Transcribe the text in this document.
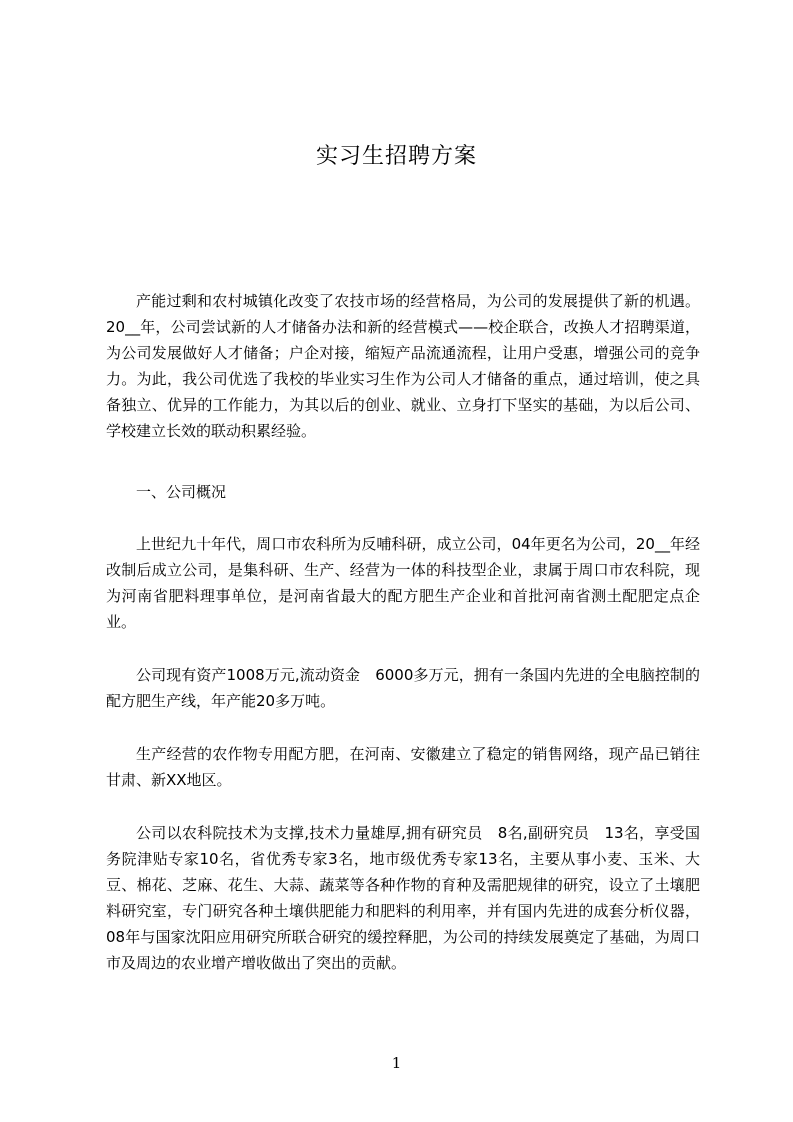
实习生招聘方案

产能过剩和农村城镇化改变了农技市场的经营格局，为公司的发展提供了新的机遇。20__年，公司尝试新的人才储备办法和新的经营模式——校企联合，改换人才招聘渠道，为公司发展做好人才储备；户企对接，缩短产品流通流程，让用户受惠，增强公司的竞争力。为此，我公司优选了我校的毕业实习生作为公司人才储备的重点，通过培训，使之具备独立、优异的工作能力，为其以后的创业、就业、立身打下坚实的基础，为以后公司、学校建立长效的联动积累经验。

一、公司概况

上世纪九十年代，周口市农科所为反哺科研，成立公司，04年更名为公司，20__年经改制后成立公司，是集科研、生产、经营为一体的科技型企业，隶属于周口市农科院，现为河南省肥料理事单位，是河南省最大的配方肥生产企业和首批河南省测土配肥定点企业。

公司现有资产1008万元,流动资金　6000多万元，拥有一条国内先进的全电脑控制的配方肥生产线，年产能20多万吨。

生产经营的农作物专用配方肥，在河南、安徽建立了稳定的销售网络，现产品已销往甘肃、新XX地区。

公司以农科院技术为支撑,技术力量雄厚,拥有研究员　8名,副研究员　13名，享受国务院津贴专家10名，省优秀专家3名，地市级优秀专家13名，主要从事小麦、玉米、大豆、棉花、芝麻、花生、大蒜、蔬菜等各种作物的育种及需肥规律的研究，设立了土壤肥料研究室，专门研究各种土壤供肥能力和肥料的利用率，并有国内先进的成套分析仪器，08年与国家沈阳应用研究所联合研究的缓控释肥，为公司的持续发展奠定了基础，为周口市及周边的农业增产增收做出了突出的贡献。

1
